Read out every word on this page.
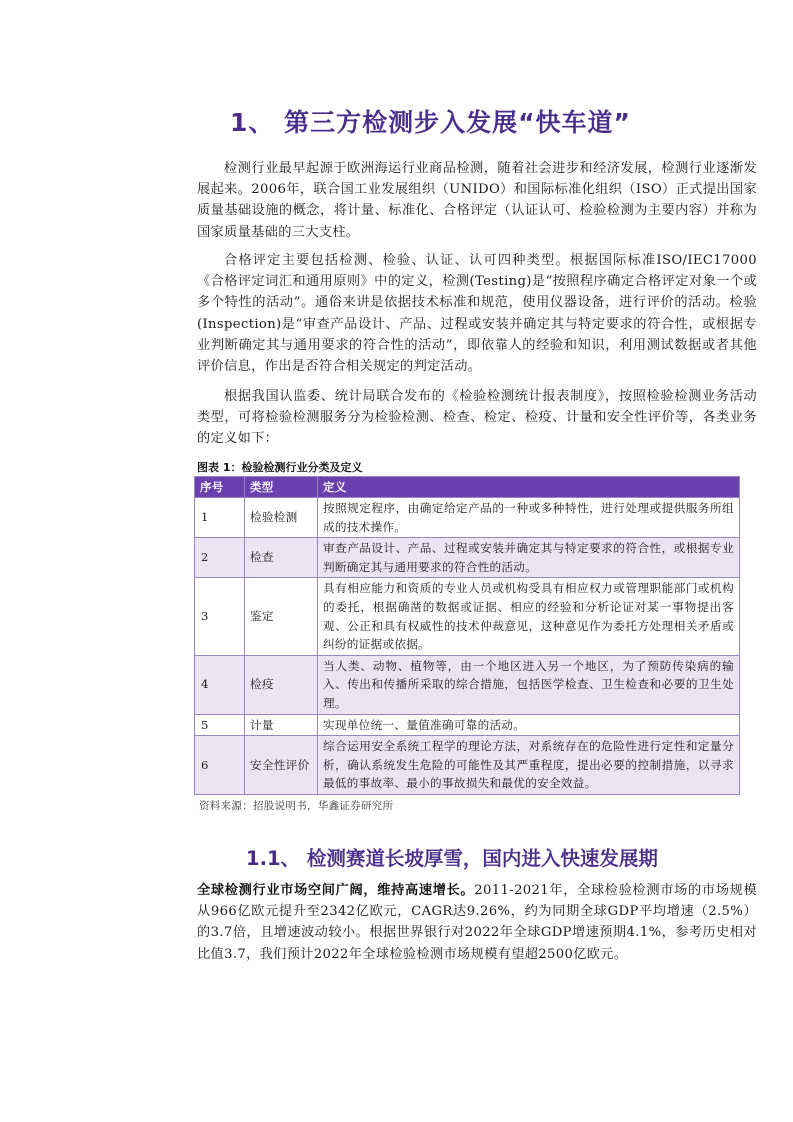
1、 第三方检测步入发展“快车道”

检测行业最早起源于欧洲海运行业商品检测，随着社会进步和经济发展，检测行业逐渐发展起来。2006年，联合国工业发展组织（UNIDO）和国际标准化组织（ISO）正式提出国家质量基础设施的概念，将计量、标准化、合格评定（认证认可、检验检测为主要内容）并称为国家质量基础的三大支柱。

合格评定主要包括检测、检验、认证、认可四种类型。根据国际标准ISO/IEC17000《合格评定词汇和通用原则》中的定义，检测(Testing)是“按照程序确定合格评定对象一个或多个特性的活动”。通俗来讲是依据技术标准和规范，使用仪器设备，进行评价的活动。检验(Inspection)是“审查产品设计、产品、过程或安装并确定其与特定要求的符合性，或根据专业判断确定其与通用要求的符合性的活动”，即依靠人的经验和知识，利用测试数据或者其他评价信息，作出是否符合相关规定的判定活动。

根据我国认监委、统计局联合发布的《检验检测统计报表制度》，按照检验检测业务活动类型，可将检验检测服务分为检验检测、检查、检定、检疫、计量和安全性评价等，各类业务的定义如下：

图表 1：检验检测行业分类及定义
序号	类型	定义
1	检验检测	按照规定程序，由确定给定产品的一种或多种特性，进行处理或提供服务所组成的技术操作。
2	检查	审查产品设计、产品、过程或安装并确定其与特定要求的符合性，或根据专业判断确定其与通用要求的符合性的活动。
3	鉴定	具有相应能力和资质的专业人员或机构受具有相应权力或管理职能部门或机构的委托，根据确凿的数据或证据、相应的经验和分析论证对某一事物提出客观、公正和具有权威性的技术仲裁意见，这种意见作为委托方处理相关矛盾或纠纷的证据或依据。
4	检疫	当人类、动物、植物等，由一个地区进入另一个地区，为了预防传染病的输入、传出和传播所采取的综合措施，包括医学检查、卫生检查和必要的卫生处理。
5	计量	实现单位统一、量值准确可靠的活动。
6	安全性评价	综合运用安全系统工程学的理论方法，对系统存在的危险性进行定性和定量分析，确认系统发生危险的可能性及其严重程度，提出必要的控制措施，以寻求最低的事故率、最小的事故损失和最优的安全效益。
资料来源：招股说明书，华鑫证券研究所
1.1、 检测赛道长坡厚雪，国内进入快速发展期

全球检测行业市场空间广阔，维持高速增长。2011-2021年，全球检验检测市场的市场规模从966亿欧元提升至2342亿欧元，CAGR达9.26%，约为同期全球GDP平均增速（2.5%）的3.7倍，且增速波动较小。根据世界银行对2022年全球GDP增速预期4.1%，参考历史相对比值3.7，我们预计2022年全球检验检测市场规模有望超2500亿欧元。
